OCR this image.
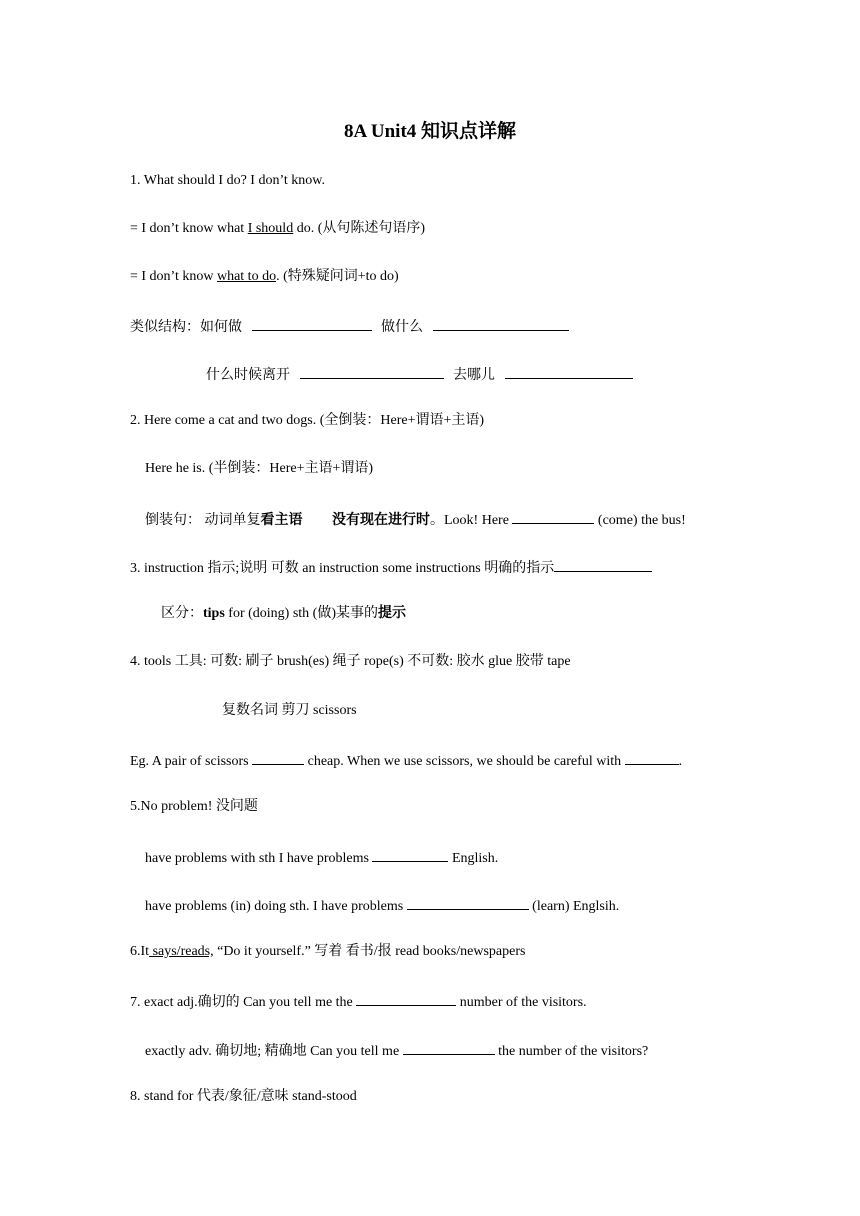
8A Unit4 知识点详解
1. What should I do? I don’t know.
= I don’t know what I should do. (从句陈述句语序)
= I don’t know what to do. (特殊疑问词+to do)
类似结构：如何做	做什么
什么时候离开	去哪儿
2. Here come a cat and two dogs. (全倒装：Here+谓语+主语)
Here he is. (半倒装：Here+主语+谓语)
倒装句： 动词单复看主语 没有现在进行时。Look! Here	(come) the bus!
3. instruction 指示;说明 可数 an instruction some instructions 明确的指示
区分：tips for (doing) sth (做)某事的提示
4. tools 工具: 可数: 刷子 brush(es) 绳子 rope(s) 不可数: 胶水 glue 胶带 tape
复数名词 剪刀 scissors
Eg. A pair of scissors	cheap. When we use scissors, we should be careful with	.
5.No problem! 没问题
have problems with sth I have problems	English.
have problems (in) doing sth. I have problems	(learn) Englsih.
6.It says/reads, “Do it yourself.” 写着 看书/报 read books/newspapers
7. exact adj.确切的 Can you tell me the	number of the visitors.
exactly adv. 确切地; 精确地 Can you tell me	the number of the visitors?
8. stand for 代表/象征/意味 stand-stood
